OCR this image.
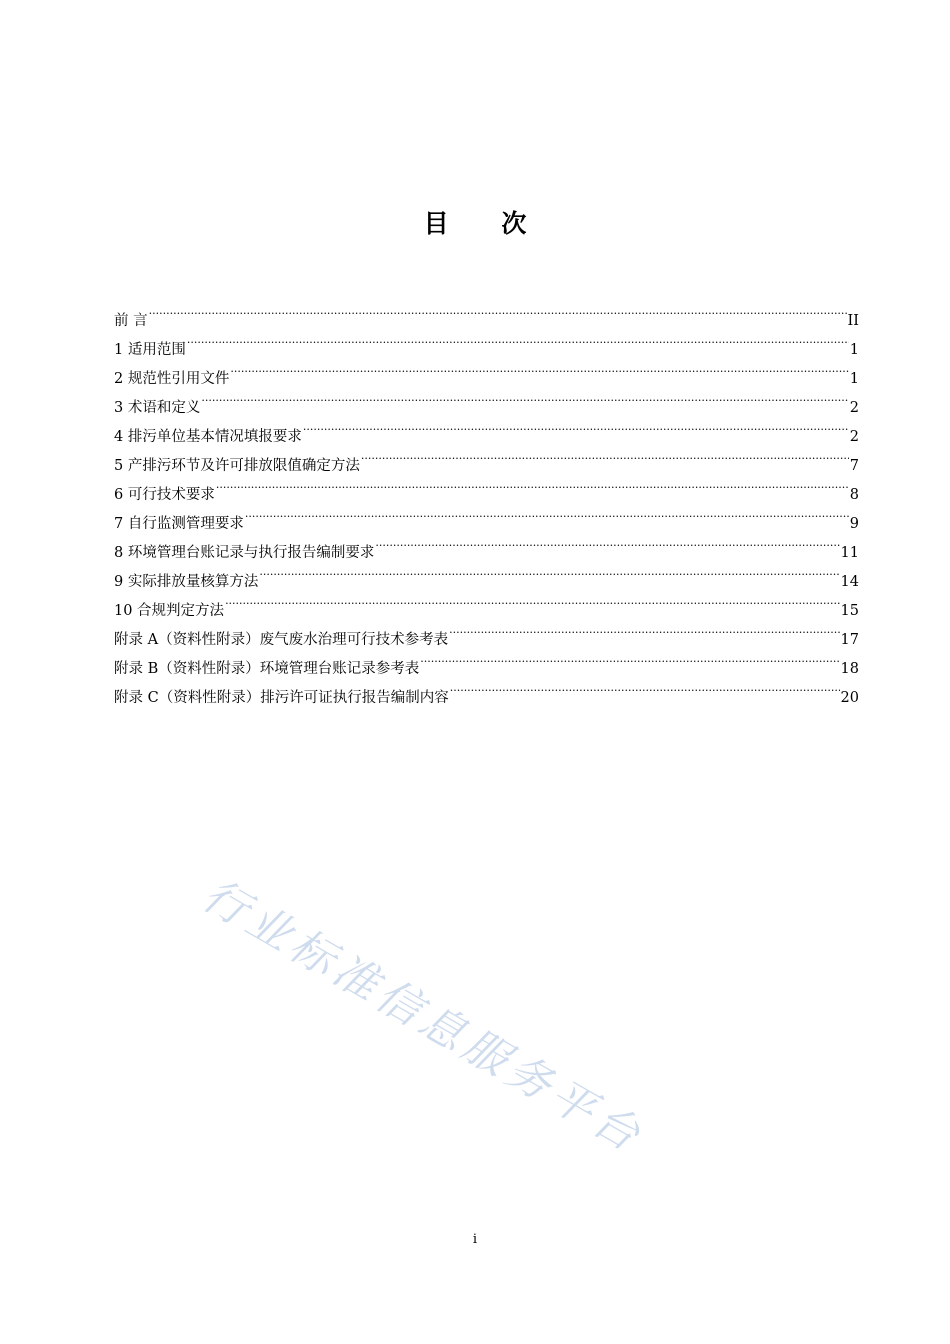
目 次
前 言 .....	II
1 适用范围 .....	1
2 规范性引用文件 .....	1
3 术语和定义 .....	2
4 排污单位基本情况填报要求 .....	2
5 产排污环节及许可排放限值确定方法 .....	7
6 可行技术要求 .....	8
7 自行监测管理要求 .....	9
8 环境管理台账记录与执行报告编制要求 .....	11
9 实际排放量核算方法 .....	14
10 合规判定方法 .....	15
附录 A（资料性附录）废气废水治理可行技术参考表 .....	17
附录 B（资料性附录）环境管理台账记录参考表 .....	18
附录 C（资料性附录）排污许可证执行报告编制内容 .....	20
行业标准信息服务平台
i
